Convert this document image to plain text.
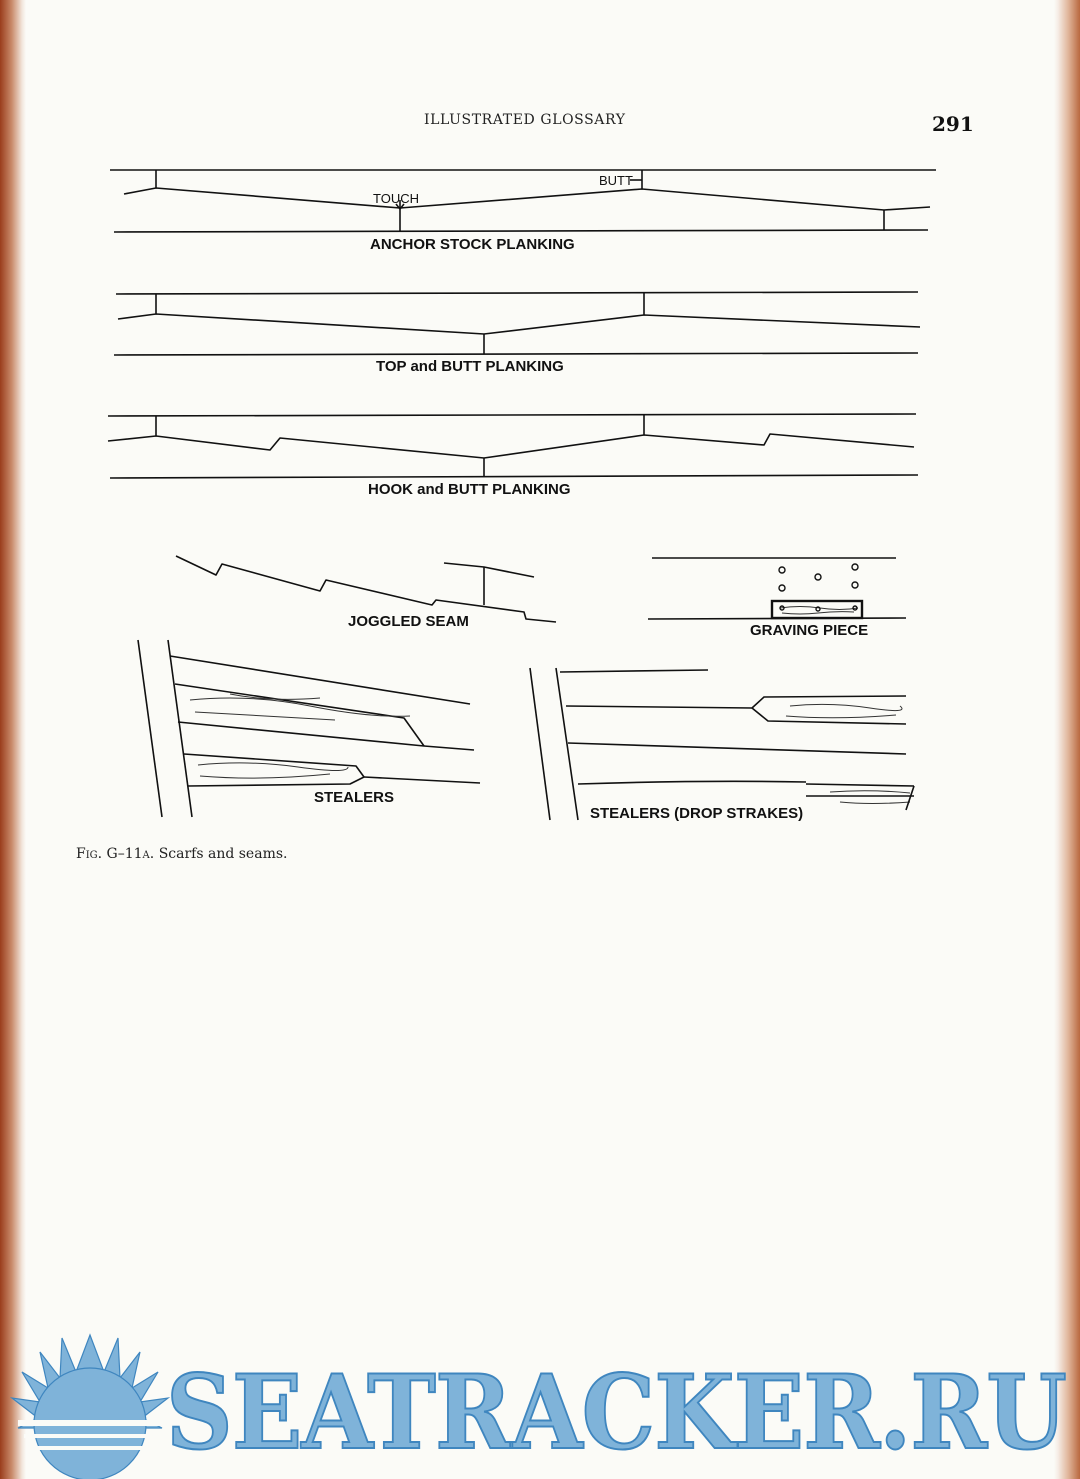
ILLUSTRATED GLOSSARY	291
TOUCH
BUTT
ANCHOR STOCK PLANKING
TOP and BUTT PLANKING
HOOK and BUTT PLANKING
JOGGLED SEAM
GRAVING PIECE
STEALERS
STEALERS (DROP STRAKES)
SEATRACKER.RU
Fig. G–11a. Scarfs and seams.
